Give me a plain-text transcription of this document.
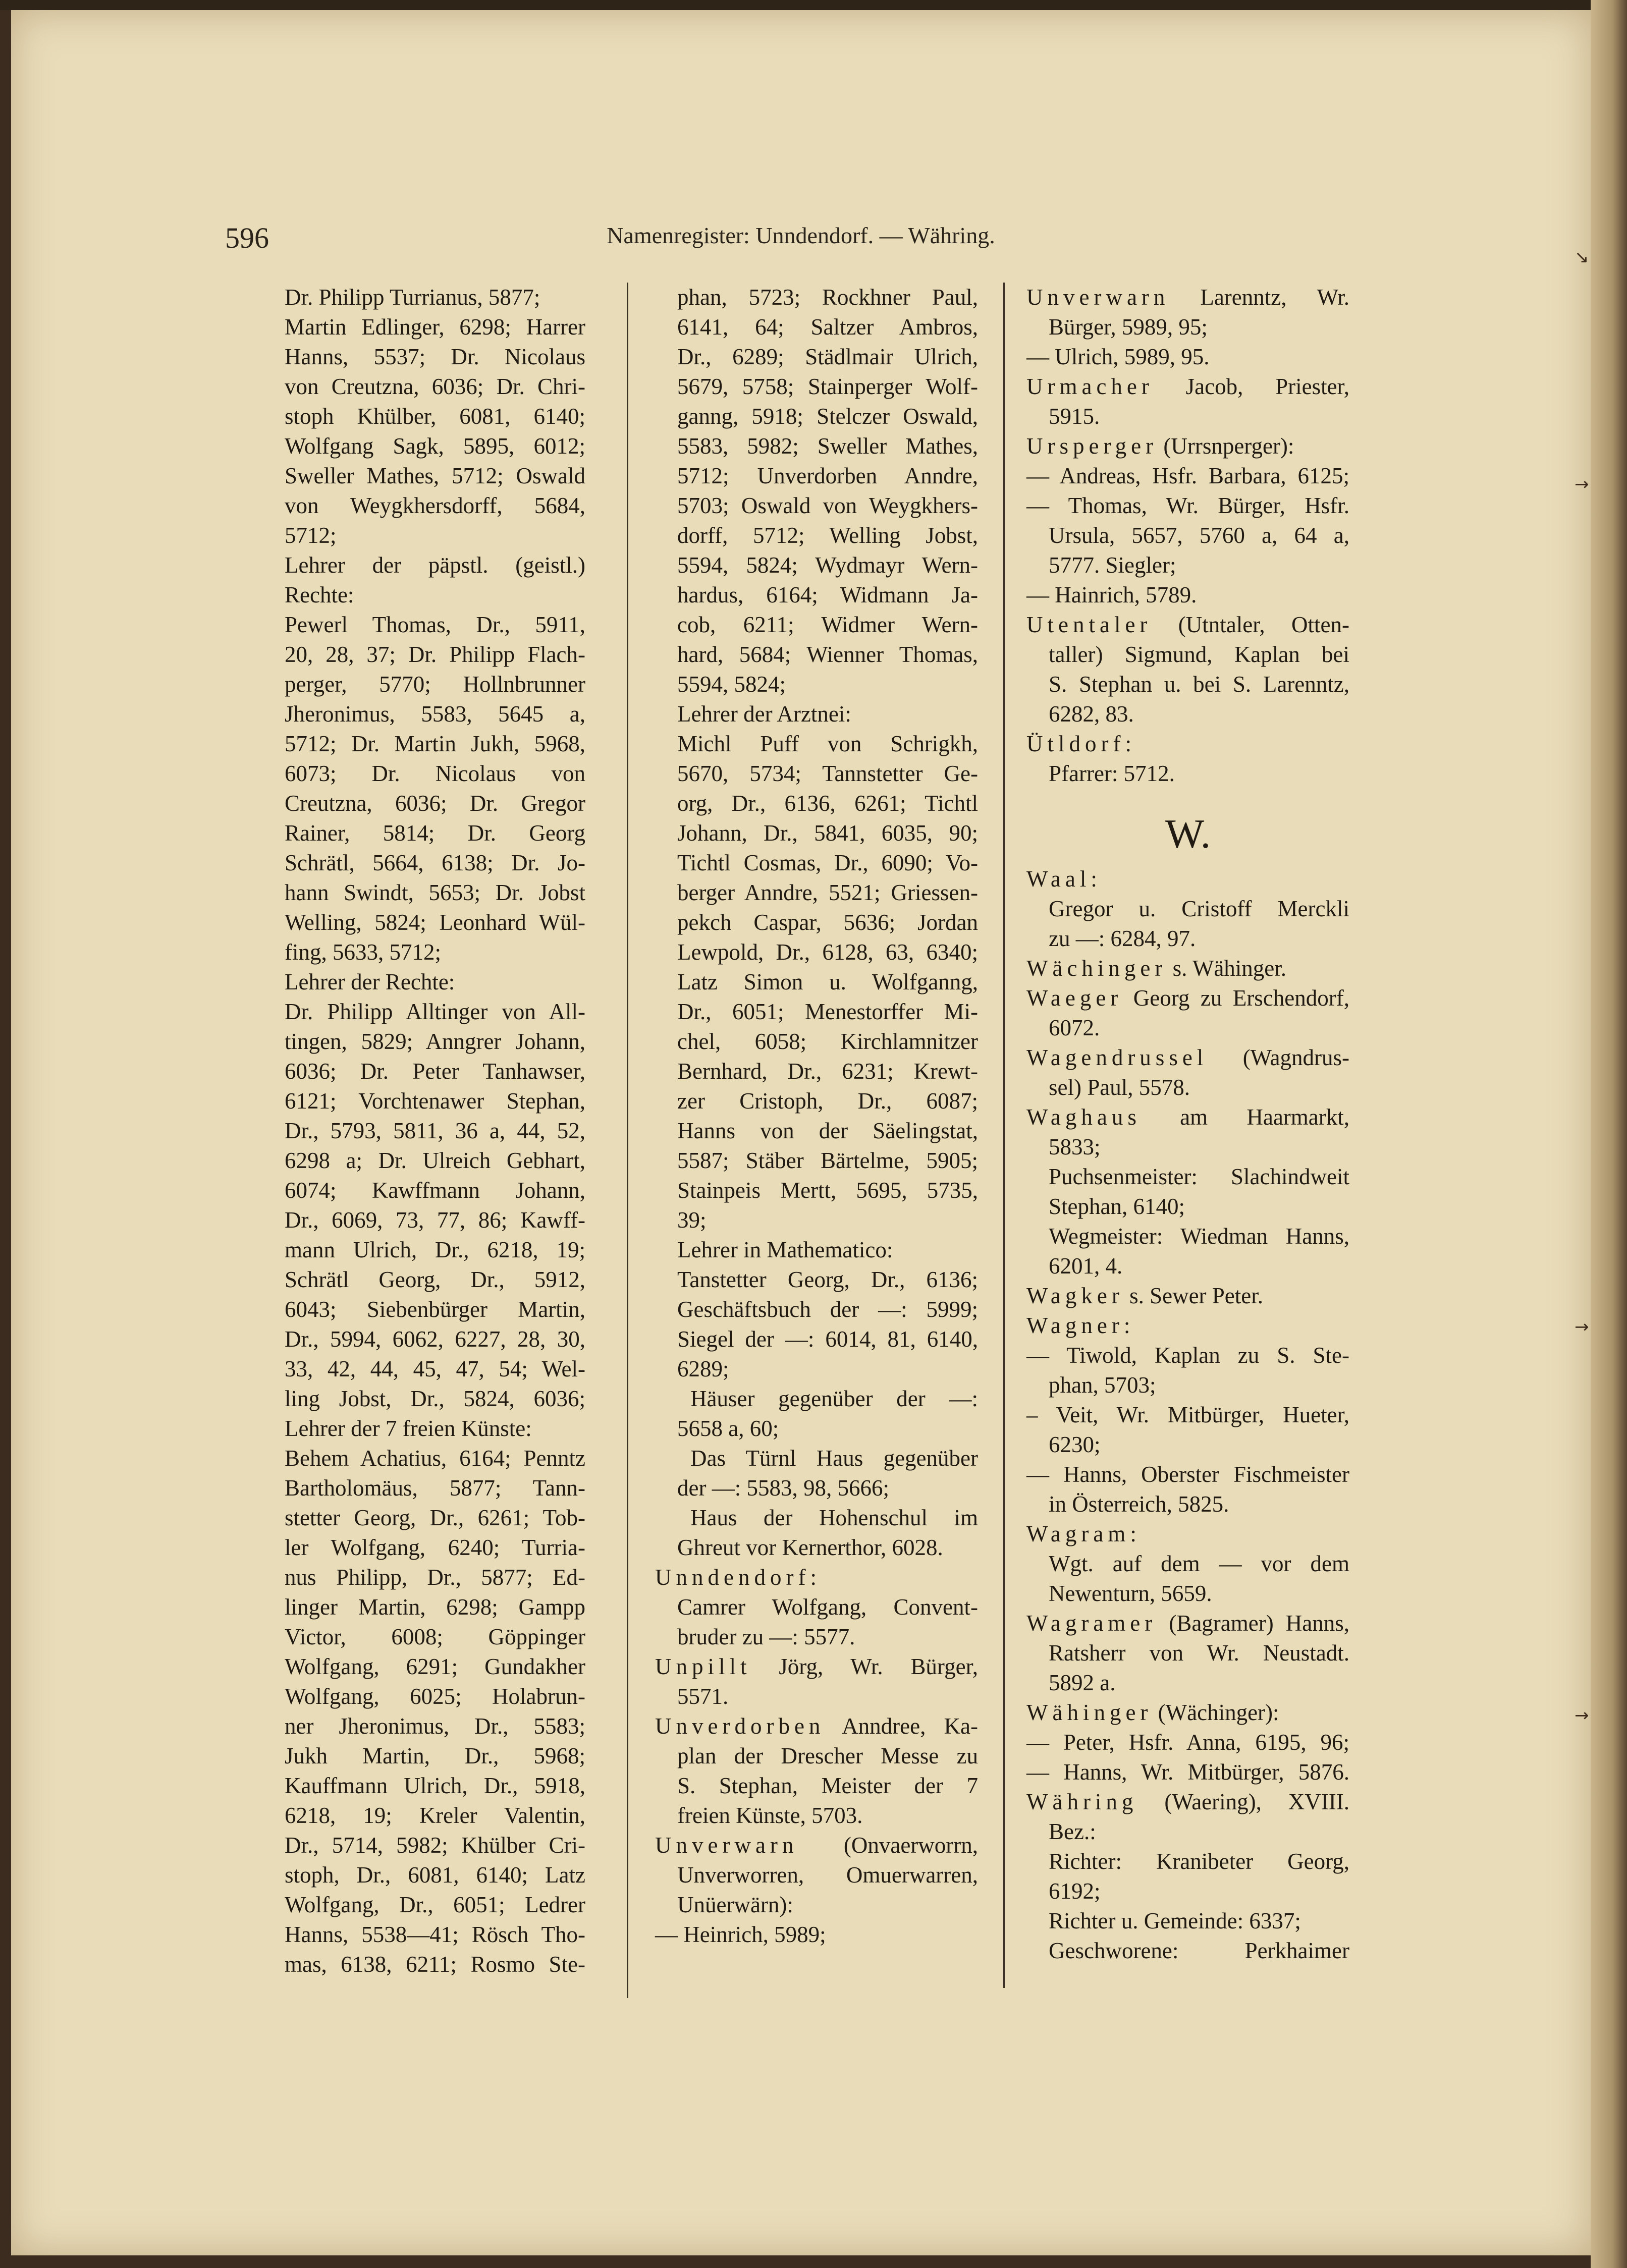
596	Namenregister: Unndendorf. — Währing.
Dr. Philipp Turrianus, 5877;
Martin Edlinger, 6298; Harrer
Hanns, 5537; Dr. Nicolaus
von Creutzna, 6036; Dr. Chri-
stoph Khülber, 6081, 6140;
Wolfgang Sagk, 5895, 6012;
Sweller Mathes, 5712; Oswald
von Weygkhersdorff, 5684,
5712;
Lehrer der päpstl. (geistl.)
Rechte:
Pewerl Thomas, Dr., 5911,
20, 28, 37; Dr. Philipp Flach-
perger, 5770; Hollnbrunner
Jheronimus, 5583, 5645 a,
5712; Dr. Martin Jukh, 5968,
6073; Dr. Nicolaus von
Creutzna, 6036; Dr. Gregor
Rainer, 5814; Dr. Georg
Schrätl, 5664, 6138; Dr. Jo-
hann Swindt, 5653; Dr. Jobst
Welling, 5824; Leonhard Wül-
fing, 5633, 5712;
Lehrer der Rechte:
Dr. Philipp Alltinger von All-
tingen, 5829; Anngrer Johann,
6036; Dr. Peter Tanhawser,
6121; Vorchtenawer Stephan,
Dr., 5793, 5811, 36 a, 44, 52,
6298 a; Dr. Ulreich Gebhart,
6074; Kawffmann Johann,
Dr., 6069, 73, 77, 86; Kawff-
mann Ulrich, Dr., 6218, 19;
Schrätl Georg, Dr., 5912,
6043; Siebenbürger Martin,
Dr., 5994, 6062, 6227, 28, 30,
33, 42, 44, 45, 47, 54; Wel-
ling Jobst, Dr., 5824, 6036;
Lehrer der 7 freien Künste:
Behem Achatius, 6164; Penntz
Bartholomäus, 5877; Tann-
stetter Georg, Dr., 6261; Tob-
ler Wolfgang, 6240; Turria-
nus Philipp, Dr., 5877; Ed-
linger Martin, 6298; Gampp
Victor, 6008; Göppinger
Wolfgang, 6291; Gundakher
Wolfgang, 6025; Holabrun-
ner Jheronimus, Dr., 5583;
Jukh Martin, Dr., 5968;
Kauffmann Ulrich, Dr., 5918,
6218, 19; Kreler Valentin,
Dr., 5714, 5982; Khülber Cri-
stoph, Dr., 6081, 6140; Latz
Wolfgang, Dr., 6051; Ledrer
Hanns, 5538—41; Rösch Tho-
mas, 6138, 6211; Rosmo Ste-
phan, 5723; Rockhner Paul,
6141, 64; Saltzer Ambros,
Dr., 6289; Städlmair Ulrich,
5679, 5758; Stainperger Wolf-
ganng, 5918; Stelczer Oswald,
5583, 5982; Sweller Mathes,
5712; Unverdorben Anndre,
5703; Oswald von Weygkhers-
dorff, 5712; Welling Jobst,
5594, 5824; Wydmayr Wern-
hardus, 6164; Widmann Ja-
cob, 6211; Widmer Wern-
hard, 5684; Wienner Thomas,
5594, 5824;
Lehrer der Arztnei:
Michl Puff von Schrigkh,
5670, 5734; Tannstetter Ge-
org, Dr., 6136, 6261; Tichtl
Johann, Dr., 5841, 6035, 90;
Tichtl Cosmas, Dr., 6090; Vo-
berger Anndre, 5521; Griessen-
pekch Caspar, 5636; Jordan
Lewpold, Dr., 6128, 63, 6340;
Latz Simon u. Wolfganng,
Dr., 6051; Menestorffer Mi-
chel, 6058; Kirchlamnitzer
Bernhard, Dr., 6231; Krewt-
zer Cristoph, Dr., 6087;
Hanns von der Säelingstat,
5587; Stäber Bärtelme, 5905;
Stainpeis Mertt, 5695, 5735,
39;
Lehrer in Mathematico:
Tanstetter Georg, Dr., 6136;
Geschäftsbuch der —: 5999;
Siegel der —: 6014, 81, 6140,
6289;
Häuser gegenüber der —:
5658 a, 60;
Das Türnl Haus gegenüber
der —: 5583, 98, 5666;
Haus der Hohenschul im
Ghreut vor Kernerthor, 6028.
Unndendorf:
Camrer Wolfgang, Convent-
bruder zu —: 5577.
Unpillt Jörg, Wr. Bürger,
5571.
Unverdorben Anndree, Ka-
plan der Drescher Messe zu
S. Stephan, Meister der 7
freien Künste, 5703.
Unverwarn (Onvaerworrn,
Unverworren, Omuerwarren,
Unüerwärn):
— Heinrich, 5989;
Unverwarn Larenntz, Wr.
Bürger, 5989, 95;
— Ulrich, 5989, 95.
Urmacher Jacob, Priester,
5915.
Ursperger (Urrsnperger):
— Andreas, Hsfr. Barbara, 6125;
— Thomas, Wr. Bürger, Hsfr.
Ursula, 5657, 5760 a, 64 a,
5777. Siegler;
— Hainrich, 5789.
Utentaler (Utntaler, Otten-
taller) Sigmund, Kaplan bei
S. Stephan u. bei S. Larenntz,
6282, 83.
Ütldorf:
Pfarrer: 5712.
W.
Waal:
Gregor u. Cristoff Merckli
zu —: 6284, 97.
Wächinger s. Wähinger.
Waeger Georg zu Erschendorf,
6072.
Wagendrussel (Wagndrus-
sel) Paul, 5578.
Waghaus am Haarmarkt,
5833;
Puchsenmeister: Slachindweit
Stephan, 6140;
Wegmeister: Wiedman Hanns,
6201, 4.
Wagker s. Sewer Peter.
Wagner:
— Tiwold, Kaplan zu S. Ste-
phan, 5703;
– Veit, Wr. Mitbürger, Hueter,
6230;
— Hanns, Oberster Fischmeister
in Österreich, 5825.
Wagram:
Wgt. auf dem — vor dem
Newenturn, 5659.
Wagramer (Bagramer) Hanns,
Ratsherr von Wr. Neustadt.
5892 a.
Wähinger (Wächinger):
— Peter, Hsfr. Anna, 6195, 96;
— Hanns, Wr. Mitbürger, 5876.
Währing (Waering), XVIII.
Bez.:
Richter: Kranibeter Georg,
6192;
Richter u. Gemeinde: 6337;
Geschworene: Perkhaimer
↘
→
→
→
